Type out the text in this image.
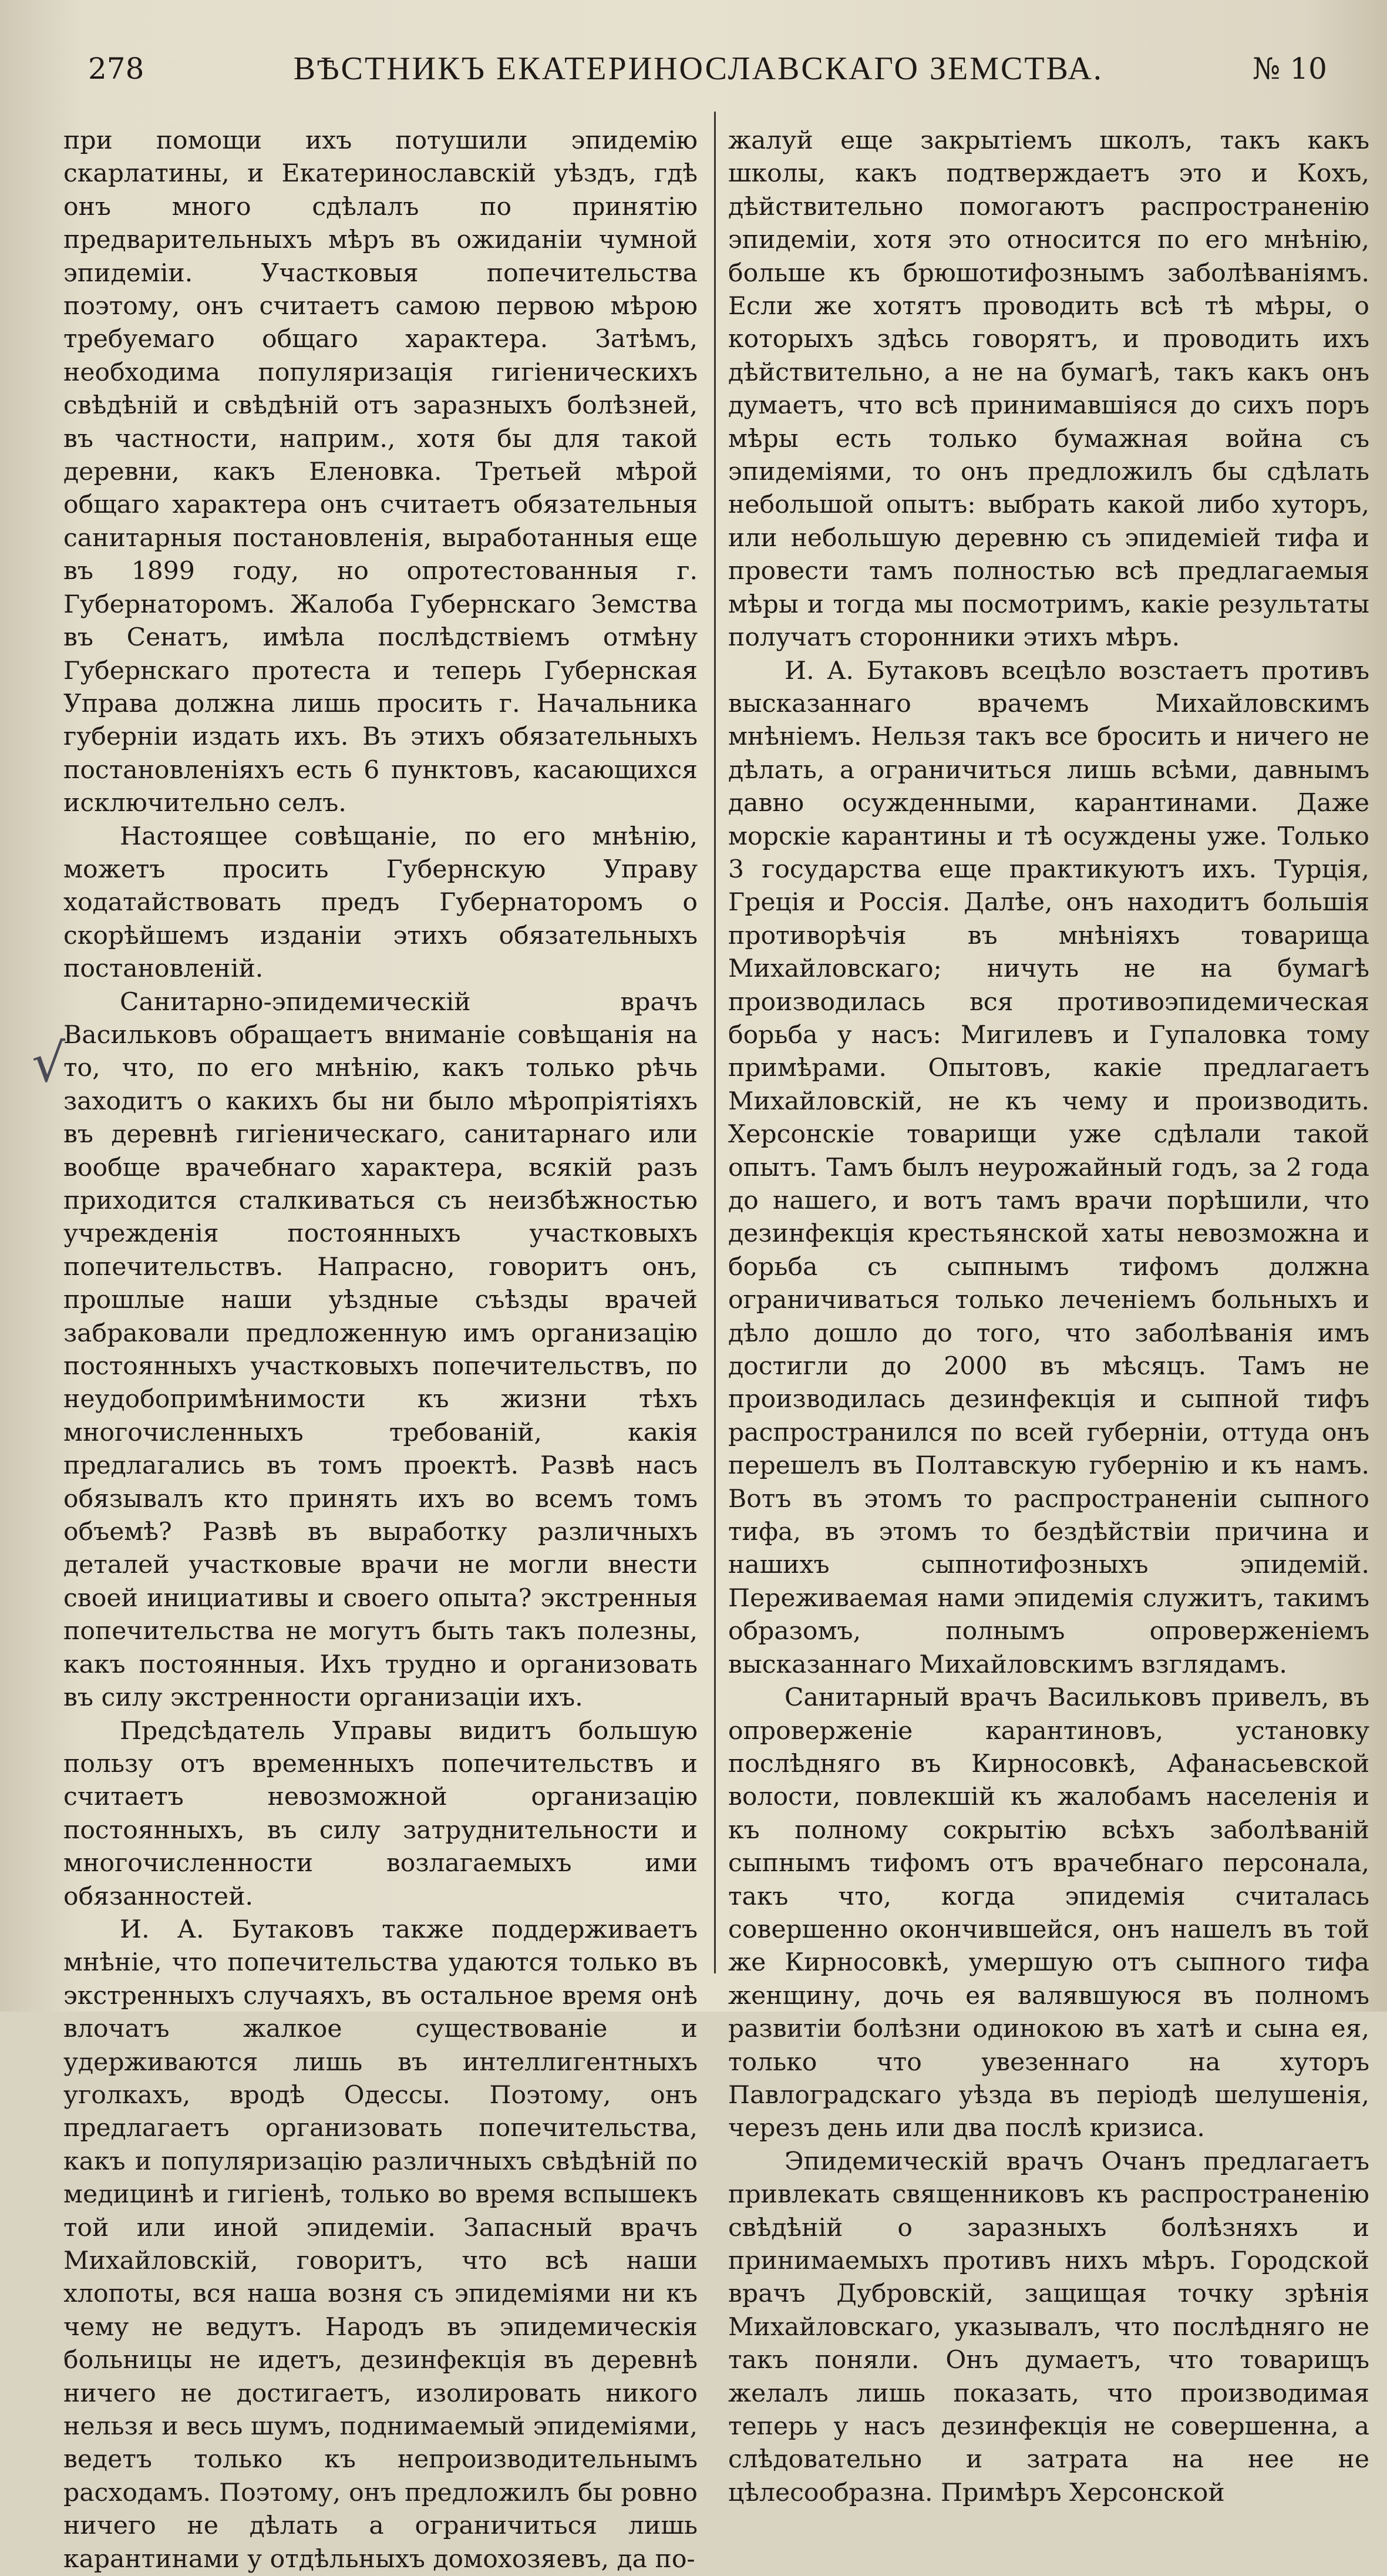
278	ВѢСТНИКЪ ЕКАТЕРИНОСЛАВСКАГО ЗЕМСТВА.	№ 10
√

при помощи ихъ потушили эпидемію скарлатины, и Екатеринославскій уѣздъ, гдѣ онъ много сдѣлалъ по принятію предварительныхъ мѣръ въ ожиданіи чумной эпидеміи. Участковыя попечительства поэтому, онъ считаетъ самою первою мѣрою требуемаго общаго характера. Затѣмъ, необходима популяризація гигіеническихъ свѣдѣній и свѣдѣній отъ заразныхъ болѣзней, въ частности, наприм., хотя бы для такой деревни, какъ Еленовка. Третьей мѣрой общаго характера онъ считаетъ обязательныя санитарныя постановленія, выработанныя еще въ 1899 году, но опротестованныя г. Губернаторомъ. Жалоба Губернскаго Земства въ Сенатъ, имѣла послѣдствіемъ отмѣну Губернскаго протеста и теперь Губернская Управа должна лишь просить г. Начальника губерніи издать ихъ. Въ этихъ обязательныхъ постановленіяхъ есть 6 пунктовъ, касающихся исключительно селъ.

Настоящее совѣщаніе, по его мнѣнію, можетъ просить Губернскую Управу ходатайствовать предъ Губернаторомъ о скорѣйшемъ изданіи этихъ обязательныхъ постановленій.

Санитарно-эпидемическій врачъ Васильковъ обращаетъ вниманіе совѣщанія на то, что, по его мнѣнію, какъ только рѣчь заходитъ о какихъ бы ни было мѣропріятіяхъ въ деревнѣ гигіеническаго, санитарнаго или вообще врачебнаго характера, всякій разъ приходится сталкиваться съ неизбѣжностью учрежденія постоянныхъ участковыхъ попечительствъ. Напрасно, говоритъ онъ, прошлые наши уѣздные съѣзды врачей забраковали предложенную имъ организацію постоянныхъ участковыхъ попечительствъ, по неудобопримѣнимости къ жизни тѣхъ многочисленныхъ требованій, какія предлагались въ томъ проектѣ. Развѣ насъ обязывалъ кто принять ихъ во всемъ томъ объемѣ? Развѣ въ выработку различныхъ деталей участковые врачи не могли внести своей инициативы и своего опыта? экстренныя попечительства не могутъ быть такъ полезны, какъ постоянныя. Ихъ трудно и организовать въ силу экстренности организаціи ихъ.

Предсѣдатель Управы видитъ большую пользу отъ временныхъ попечительствъ и считаетъ невозможной организацію постоянныхъ, въ силу затруднительности и многочисленности возлагаемыхъ ими обязанностей.

И. А. Бутаковъ также поддерживаетъ мнѣніе, что попечительства удаются только въ экстренныхъ случаяхъ, въ остальное время онѣ влочатъ жалкое существованіе и удерживаются лишь въ интеллигентныхъ уголкахъ, вродѣ Одессы. Поэтому, онъ предлагаетъ организовать попечительства, какъ и популяризацію различныхъ свѣдѣній по медицинѣ и гигіенѣ, только во время вспышекъ той или иной эпидеміи. Запасный врачъ Михайловскій, говоритъ, что всѣ наши хлопоты, вся наша возня съ эпидеміями ни къ чему не ведутъ. Народъ въ эпидемическія больницы не идетъ, дезинфекція въ деревнѣ ничего не достигаетъ, изолировать никого нельзя и весь шумъ, поднимаемый эпидеміями, ведетъ только къ непроизводительнымъ расходамъ. Поэтому, онъ предложилъ бы ровно ничего не дѣлать а ограничиться лишь карантинами у отдѣльныхъ домохозяевъ, да по-

жалуй еще закрытіемъ школъ, такъ какъ школы, какъ подтверждаетъ это и Кохъ, дѣйствительно помогаютъ распространенію эпидеміи, хотя это относится по его мнѣнію, больше къ брюшотифознымъ заболѣваніямъ. Если же хотятъ проводить всѣ тѣ мѣры, о которыхъ здѣсь говорятъ, и проводить ихъ дѣйствительно, а не на бумагѣ, такъ какъ онъ думаетъ, что всѣ принимавшіяся до сихъ поръ мѣры есть только бумажная война съ эпидеміями, то онъ предложилъ бы сдѣлать небольшой опытъ: выбрать какой либо хуторъ, или небольшую деревню съ эпидеміей тифа и провести тамъ полностью всѣ предлагаемыя мѣры и тогда мы посмотримъ, какіе результаты получатъ сторонники этихъ мѣръ.

И. А. Бутаковъ всецѣло возстаетъ противъ высказаннаго врачемъ Михайловскимъ мнѣніемъ. Нельзя такъ все бросить и ничего не дѣлать, а ограничиться лишь всѣми, давнымъ давно осужденными, карантинами. Даже морскіе карантины и тѣ осуждены уже. Только 3 государства еще практикуютъ ихъ. Турція, Греція и Россія. Далѣе, онъ находитъ большія противорѣчія въ мнѣніяхъ товарища Михайловскаго; ничуть не на бумагѣ производилась вся противоэпидемическая борьба у насъ: Мигилевъ и Гупаловка тому примѣрами. Опытовъ, какіе предлагаетъ Михайловскій, не къ чему и производить. Херсонскіе товарищи уже сдѣлали такой опытъ. Тамъ былъ неурожайный годъ, за 2 года до нашего, и вотъ тамъ врачи порѣшили, что дезинфекція крестьянской хаты невозможна и борьба съ сыпнымъ тифомъ должна ограничиваться только леченіемъ больныхъ и дѣло дошло до того, что заболѣванія имъ достигли до 2000 въ мѣсяцъ. Тамъ не производилась дезинфекція и сыпной тифъ распространился по всей губерніи, оттуда онъ перешелъ въ Полтавскую губернію и къ намъ. Вотъ въ этомъ то распространеніи сыпного тифа, въ этомъ то бездѣйствіи причина и нашихъ сыпнотифозныхъ эпидемій. Переживаемая нами эпидемія служитъ, такимъ образомъ, полнымъ опроверженіемъ высказаннаго Михайловскимъ взглядамъ.

Санитарный врачъ Васильковъ привелъ, въ опроверженіе карантиновъ, установку послѣдняго въ Кирносовкѣ, Афанасьевской волости, повлекшій къ жалобамъ населенія и къ полному сокрытію всѣхъ заболѣваній сыпнымъ тифомъ отъ врачебнаго персонала, такъ что, когда эпидемія считалась совершенно окончившейся, онъ нашелъ въ той же Кирносовкѣ, умершую отъ сыпного тифа женщину, дочь ея валявшуюся въ полномъ развитіи болѣзни одинокою въ хатѣ и сына ея, только что увезеннаго на хуторъ Павлоградскаго уѣзда въ періодѣ шелушенія, черезъ день или два послѣ кризиса.

Эпидемическій врачъ Очанъ предлагаетъ привлекать священниковъ къ распространенію свѣдѣній о заразныхъ болѣзняхъ и принимаемыхъ противъ нихъ мѣръ. Городской врачъ Дубровскій, защищая точку зрѣнія Михайловскаго, указывалъ, что послѣдняго не такъ поняли. Онъ думаетъ, что товарищъ желалъ лишь показать, что производимая теперь у насъ дезинфекція не совершенна, а слѣдовательно и затрата на нее не цѣлесообразна. Примѣръ Херсонской
